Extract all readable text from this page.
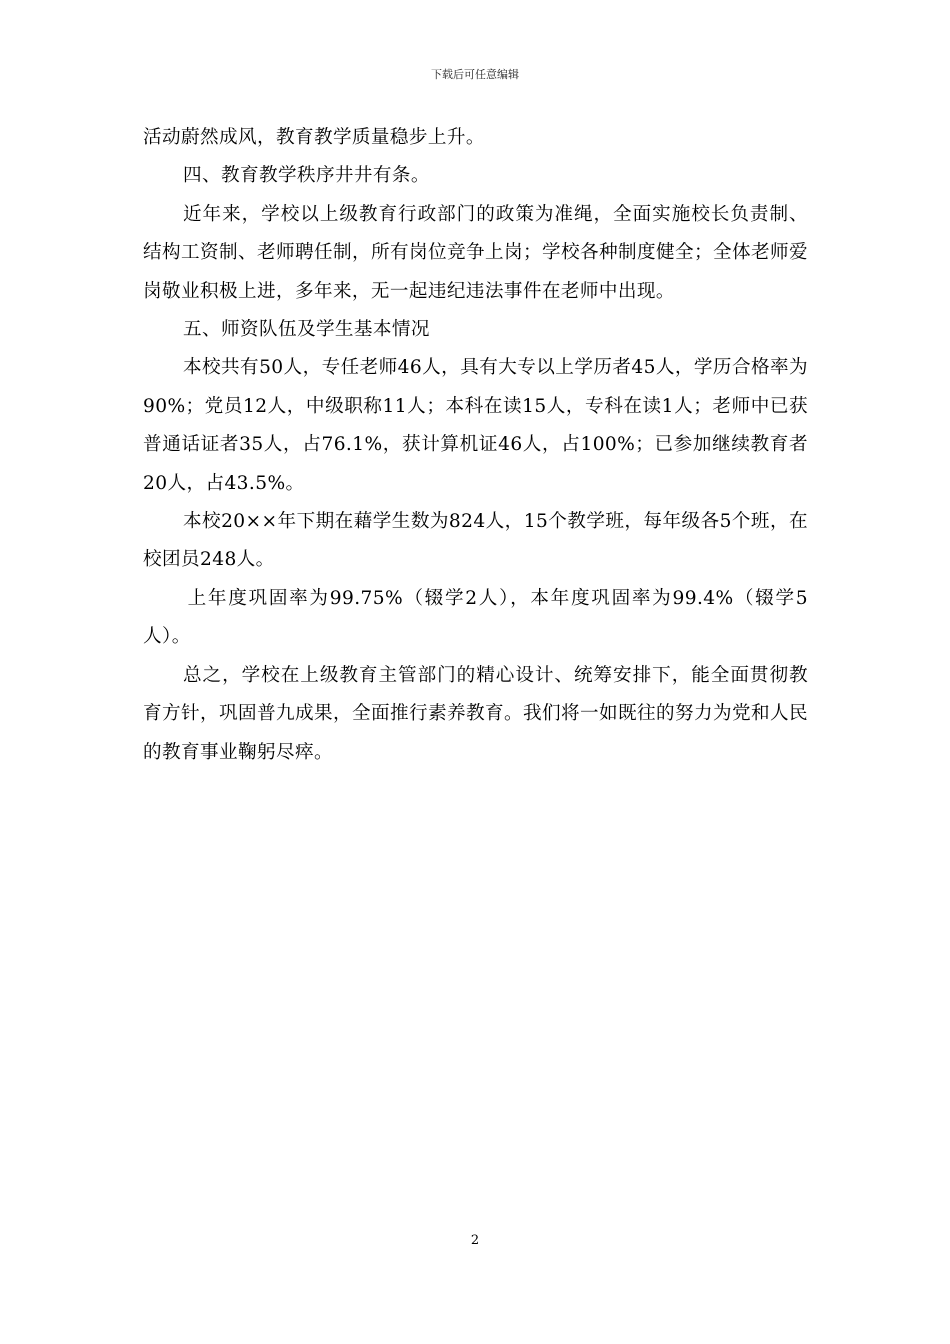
下载后可任意编辑

活动蔚然成风，教育教学质量稳步上升。

四、教育教学秩序井井有条。

近年来，学校以上级教育行政部门的政策为准绳，全面实施校长负责制、结构工资制、老师聘任制，所有岗位竞争上岗；学校各种制度健全；全体老师爱岗敬业积极上进，多年来，无一起违纪违法事件在老师中出现。

五、师资队伍及学生基本情况

本校共有50人，专任老师46人，具有大专以上学历者45人，学历合格率为90%；党员12人，中级职称11人；本科在读15人，专科在读1人；老师中已获普通话证者35人，占76.1%，获计算机证46人，占100%；已参加继续教育者20人，占43.5%。

本校20××年下期在藉学生数为824人，15个教学班，每年级各5个班，在校团员248人。

上年度巩固率为99.75%（辍学2人），本年度巩固率为99.4%（辍学5人）。

总之，学校在上级教育主管部门的精心设计、统筹安排下，能全面贯彻教育方针，巩固普九成果，全面推行素养教育。我们将一如既往的努力为党和人民的教育事业鞠躬尽瘁。

2
